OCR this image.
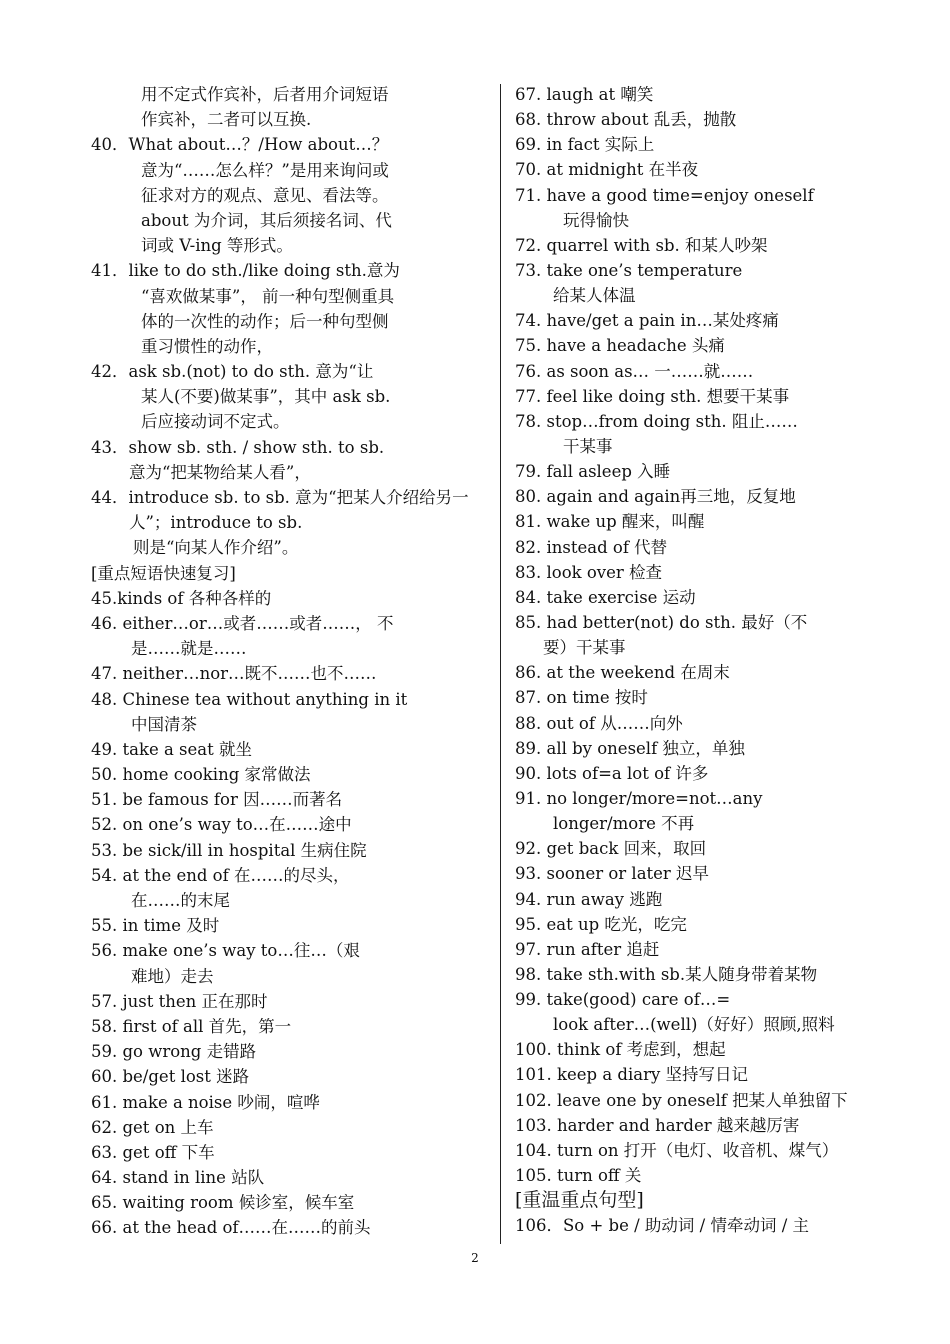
用不定式作宾补，后者用介词短语
作宾补，二者可以互换.
40．What about…？/How about…？
意为“……怎么样？”是用来询问或
征求对方的观点、意见、看法等。
about 为介词，其后须接名词、代
词或 V-ing 等形式。
41．like to do sth./like doing sth.意为
“喜欢做某事”， 前一种句型侧重具
体的一次性的动作；后一种句型侧
重习惯性的动作，
42．ask sb.(not) to do sth. 意为“让
某人(不要)做某事”，其中 ask sb.
后应接动词不定式。
43．show sb. sth. / show sth. to sb.
意为“把某物给某人看”，
44．introduce sb. to sb. 意为“把某人介绍给另一
人”；introduce to sb.
则是“向某人作介绍”。
[重点短语快速复习]
45.kinds of 各种各样的
46. either…or…或者……或者……， 不
是……就是……
47. neither…nor…既不……也不……
48. Chinese tea without anything in it
中国清茶
49. take a seat 就坐
50. home cooking 家常做法
51. be famous for 因……而著名
52. on one’s way to…在……途中
53. be sick/ill in hospital 生病住院
54. at the end of 在……的尽头，
在……的末尾
55. in time 及时
56. make one’s way to…往…（艰
难地）走去
57. just then 正在那时
58. first of all 首先，第一
59. go wrong 走错路
60. be/get lost 迷路
61. make a noise 吵闹，喧哗
62. get on 上车
63. get off 下车
64. stand in line 站队
65. waiting room 候诊室，候车室
66. at the head of……在……的前头
67. laugh at 嘲笑
68. throw about 乱丢，抛散
69. in fact 实际上
70. at midnight 在半夜
71. have a good time=enjoy oneself
玩得愉快
72. quarrel with sb. 和某人吵架
73. take one’s temperature
给某人体温
74. have/get a pain in…某处疼痛
75. have a headache 头痛
76. as soon as… 一……就……
77. feel like doing sth. 想要干某事
78. stop…from doing sth. 阻止……
干某事
79. fall asleep 入睡
80. again and again再三地，反复地
81. wake up 醒来，叫醒
82. instead of 代替
83. look over 检查
84. take exercise 运动
85. had better(not) do sth. 最好（不
要）干某事
86. at the weekend 在周末
87. on time 按时
88. out of 从……向外
89. all by oneself 独立，单独
90. lots of=a lot of 许多
91. no longer/more=not…any
longer/more 不再
92. get back 回来，取回
93. sooner or later 迟早
94. run away 逃跑
95. eat up 吃光，吃完
97. run after 追赶
98. take sth.with sb.某人随身带着某物
99. take(good) care of…=
look after…(well)（好好）照顾,照料
100. think of 考虑到，想起
101. keep a diary 坚持写日记
102. leave one by oneself 把某人单独留下
103. harder and harder 越来越厉害
104. turn on 打开（电灯、收音机、煤气）
105. turn off 关
[重温重点句型]
106．So + be / 助动词 / 情牵动词 / 主
2
